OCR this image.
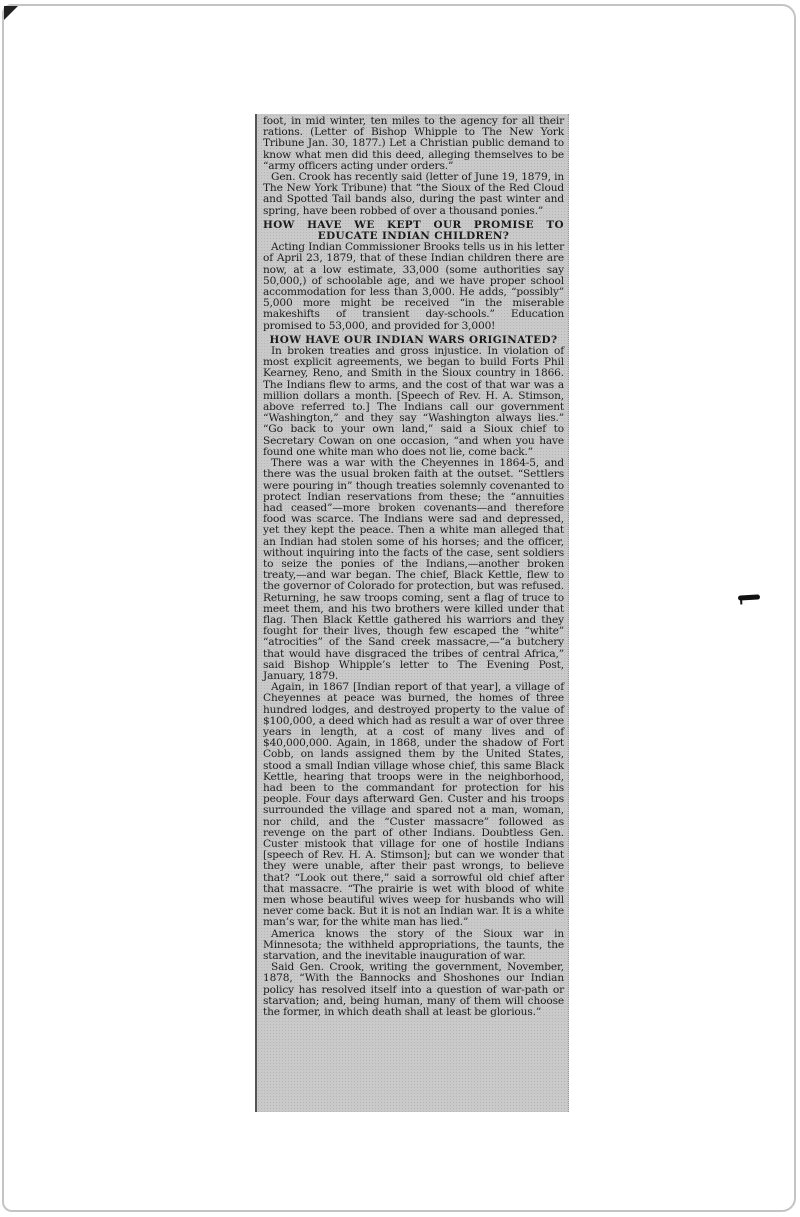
foot, in mid winter, ten miles to the agency for all their rations. (Letter of Bishop Whipple to The New York Tribune Jan. 30, 1877.) Let a Christian public demand to know what men did this deed, alleging themselves to be “army officers acting under orders.”

Gen. Crook has recently said (letter of June 19, 1879, in The New York Tribune) that “the Sioux of the Red Cloud and Spotted Tail bands also, during the past winter and spring, have been robbed of over a thousand ponies.”

HOW HAVE WE KEPT OUR PROMISE TO EDUCATE INDIAN CHILDREN?

Acting Indian Commissioner Brooks tells us in his letter of April 23, 1879, that of these Indian children there are now, at a low estimate, 33,000 (some authorities say 50,000,) of schoolable age, and we have proper school accommodation for less than 3,000. He adds, “possibly” 5,000 more might be received “in the miserable makeshifts of transient day-schools.” Education promised to 53,000, and provided for 3,000!

HOW HAVE OUR INDIAN WARS ORIGINATED?

In broken treaties and gross injustice. In violation of most explicit agreements, we began to build Forts Phil Kearney, Reno, and Smith in the Sioux country in 1866. The Indians flew to arms, and the cost of that war was a million dollars a month. [Speech of Rev. H. A. Stimson, above referred to.] The Indians call our government “Washington,” and they say “Washington always lies.” “Go back to your own land,” said a Sioux chief to Secretary Cowan on one occasion, “and when you have found one white man who does not lie, come back.”

There was a war with the Cheyennes in 1864-5, and there was the usual broken faith at the outset. “Settlers were pouring in” though treaties solemnly covenanted to protect Indian reservations from these; the “annuities had ceased”—more broken covenants—and therefore food was scarce. The Indians were sad and depressed, yet they kept the peace. Then a white man alleged that an Indian had stolen some of his horses; and the officer, without inquiring into the facts of the case, sent soldiers to seize the ponies of the Indians,—another broken treaty,—and war began. The chief, Black Kettle, flew to the governor of Colorado for protection, but was refused. Returning, he saw troops coming, sent a flag of truce to meet them, and his two brothers were killed under that flag. Then Black Kettle gathered his warriors and they fought for their lives, though few escaped the “white” “atrocities” of the Sand creek massacre,—“a butchery that would have disgraced the tribes of central Africa,” said Bishop Whipple’s letter to The Evening Post, January, 1879.

Again, in 1867 [Indian report of that year], a village of Cheyennes at peace was burned, the homes of three hundred lodges, and destroyed property to the value of $100,000, a deed which had as result a war of over three years in length, at a cost of many lives and of $40,000,000. Again, in 1868, under the shadow of Fort Cobb, on lands assigned them by the United States, stood a small Indian village whose chief, this same Black Kettle, hearing that troops were in the neighborhood, had been to the commandant for protection for his people. Four days afterward Gen. Custer and his troops surrounded the village and spared not a man, woman, nor child, and the “Custer massacre” followed as revenge on the part of other Indians. Doubtless Gen. Custer mistook that village for one of hostile Indians [speech of Rev. H. A. Stimson]; but can we wonder that they were unable, after their past wrongs, to believe that? “Look out there,” said a sorrowful old chief after that massacre. “The prairie is wet with blood of white men whose beautiful wives weep for husbands who will never come back. But it is not an Indian war. It is a white man’s war, for the white man has lied.”

America knows the story of the Sioux war in Minnesota; the withheld appropriations, the taunts, the starvation, and the inevitable inauguration of war.

Said Gen. Crook, writing the government, November, 1878, “With the Bannocks and Shoshones our Indian policy has resolved itself into a question of war-path or starvation; and, being human, many of them will choose the former, in which death shall at least be glorious.”
